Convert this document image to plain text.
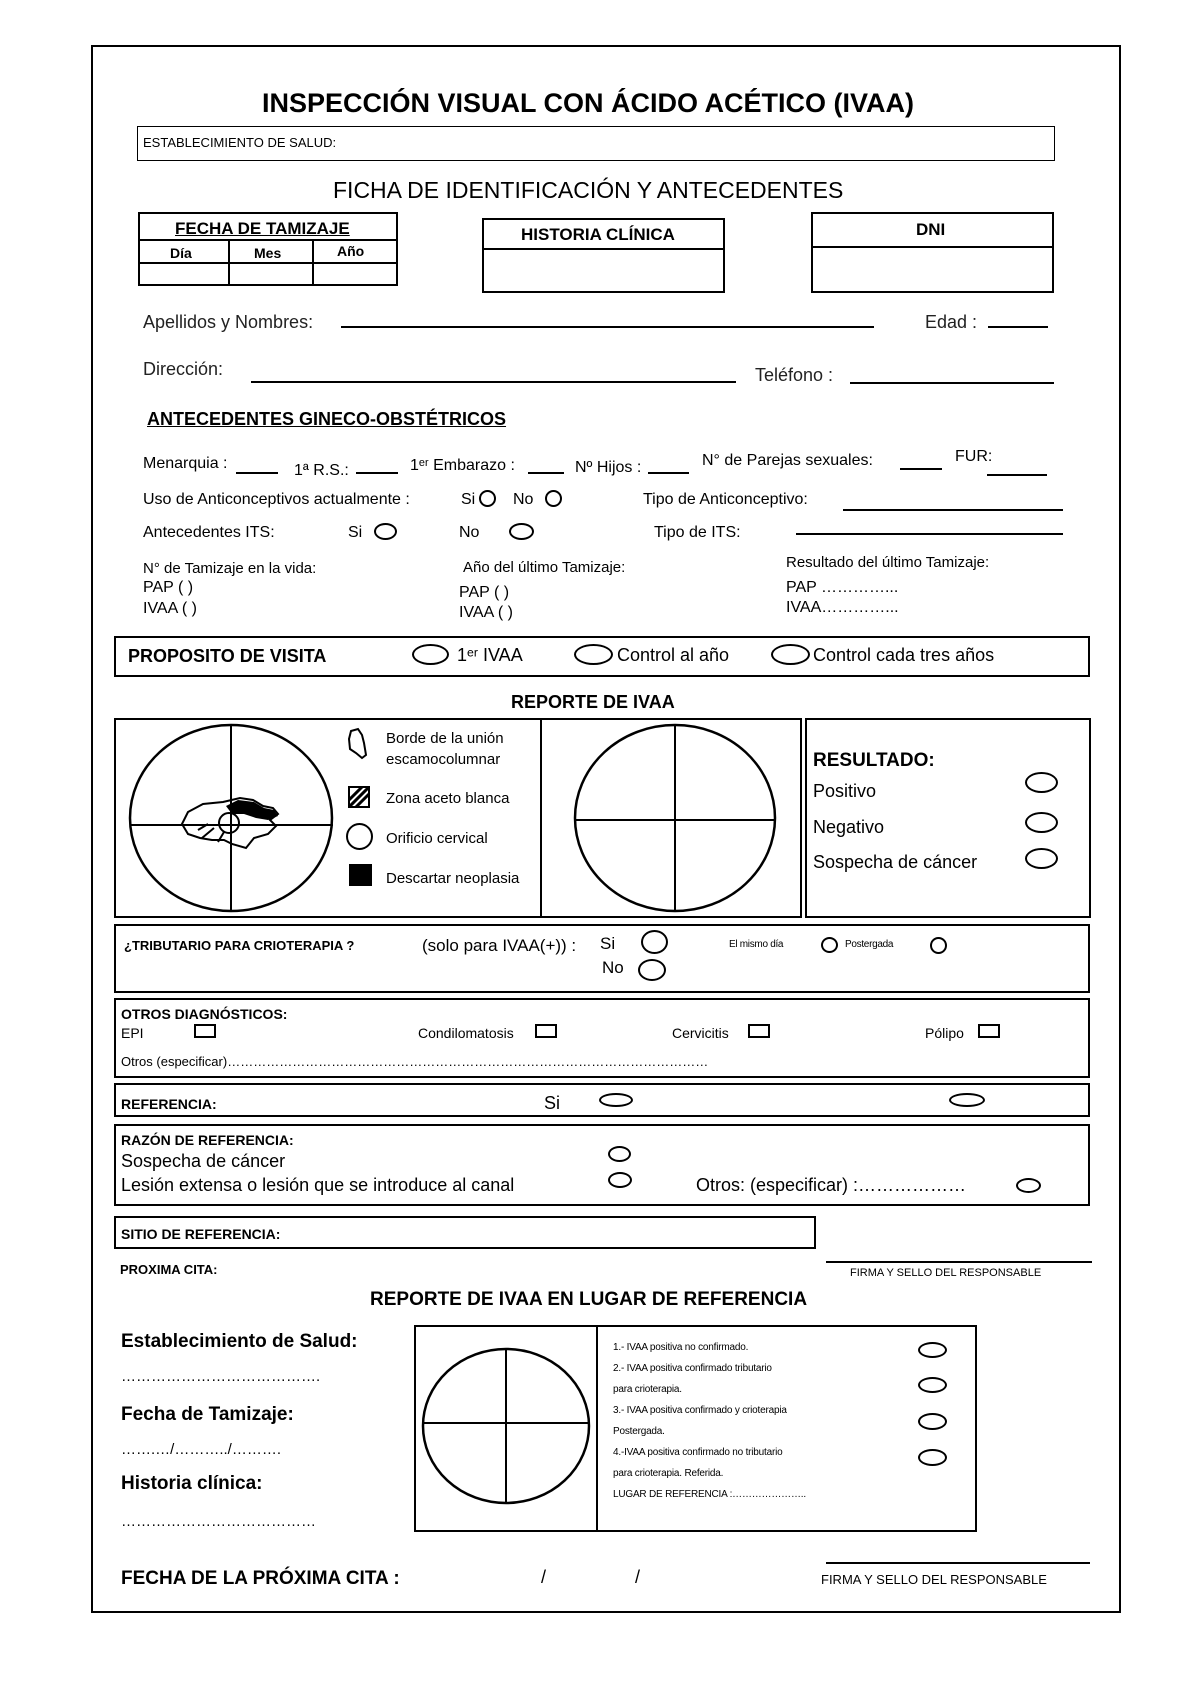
INSPECCIÓN VISUAL CON ÁCIDO ACÉTICO (IVAA)
ESTABLECIMIENTO DE SALUD:
FICHA DE IDENTIFICACIÓN Y ANTECEDENTES
FECHA DE TAMIZAJE
Día	Mes	Año
HISTORIA CLÍNICA	DNI
Apellidos y Nombres:	Edad :
Dirección:	Teléfono :
ANTECEDENTES GINECO-OBSTÉTRICOS
Menarquia :	1ª R.S.:	1ᵉʳ Embarazo :	Nº Hijos :	N° de Parejas sexuales:	FUR:
Uso de Anticonceptivos actualmente :	Si No	Tipo de Anticonceptivo:
Antecedentes ITS:	Si	No	Tipo de ITS:
N° de Tamizaje en la vida:
PAP ( )
IVAA ( )
Año del último Tamizaje:
PAP ( )
IVAA ( )
Resultado del último Tamizaje:
PAP …………...
IVAA…………...
PROPOSITO DE VISITA	1ᵉʳ IVAA	Control al año	Control cada tres años
REPORTE DE IVAA
Borde de la unión
escamocolumnar
Zona aceto blanca
Orificio cervical
Descartar neoplasia
RESULTADO:
Positivo
Negativo
Sospecha de cáncer
¿TRIBUTARIO PARA CRIOTERAPIA ?	(solo para IVAA(+)) : Si
No
El mismo día	Postergada
OTROS DIAGNÓSTICOS:
EPI	Condilomatosis	Cervicitis	Pólipo
Otros (especificar)…………………………………………………………………………………………………
REFERENCIA:	Si
RAZÓN DE REFERENCIA:
Sospecha de cáncer
Lesión extensa o lesión que se introduce al canal	Otros: (especificar) :………………
SITIO DE REFERENCIA:
PROXIMA CITA:	FIRMA Y SELLO DEL RESPONSABLE
REPORTE DE IVAA EN LUGAR DE REFERENCIA
Establecimiento de Salud:
………………………………….
Fecha de Tamizaje:
…….…/………../……….
Historia clínica:
…………………………………
1.- IVAA positiva no confirmado.
2.- IVAA positiva confirmado tributario
para crioterapia.
3.- IVAA positiva confirmado y crioterapia
Postergada.
4.-IVAA positiva confirmado no tributario
para crioterapia. Referida.
LUGAR DE REFERENCIA :…………………..
FECHA DE LA PRÓXIMA CITA :	/	/	FIRMA Y SELLO DEL RESPONSABLE
